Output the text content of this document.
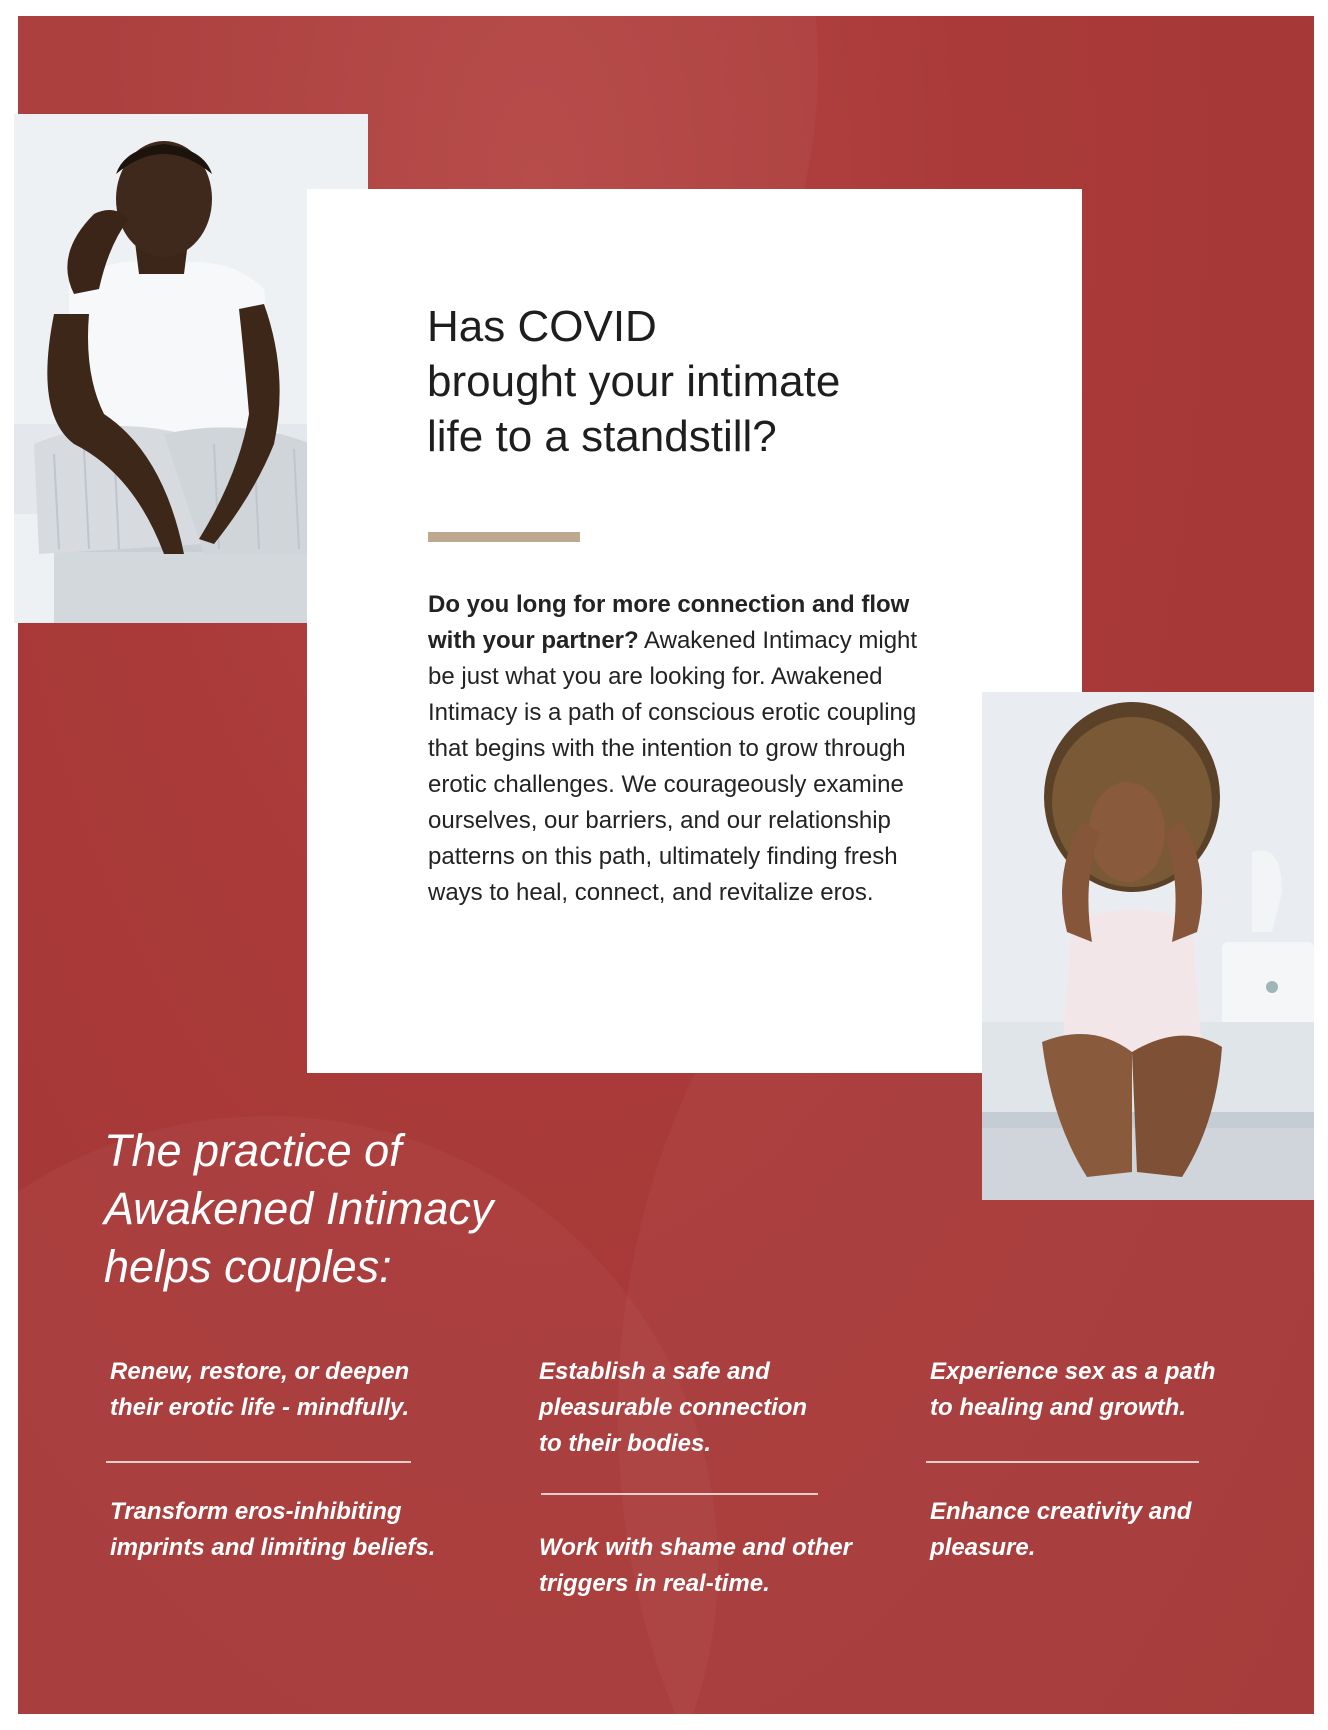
Has COVID
brought your intimate
life to a standstill?
Do you long for more connection and flow with your partner? Awakened Intimacy might be just what you are looking for. Awakened Intimacy is a path of conscious erotic coupling that begins with the intention to grow through erotic challenges. We courageously examine ourselves, our barriers, and our relationship patterns on this path, ultimately finding fresh ways to heal, connect, and revitalize eros.
The practice of
Awakened Intimacy
helps couples:
Renew, restore, or deepen
their erotic life - mindfully.
Transform eros-inhibiting
imprints and limiting beliefs.
Establish a safe and
pleasurable connection
to their bodies.
Work with shame and other
triggers in real-time.
Experience sex as a path
to healing and growth.
Enhance creativity and
pleasure.
